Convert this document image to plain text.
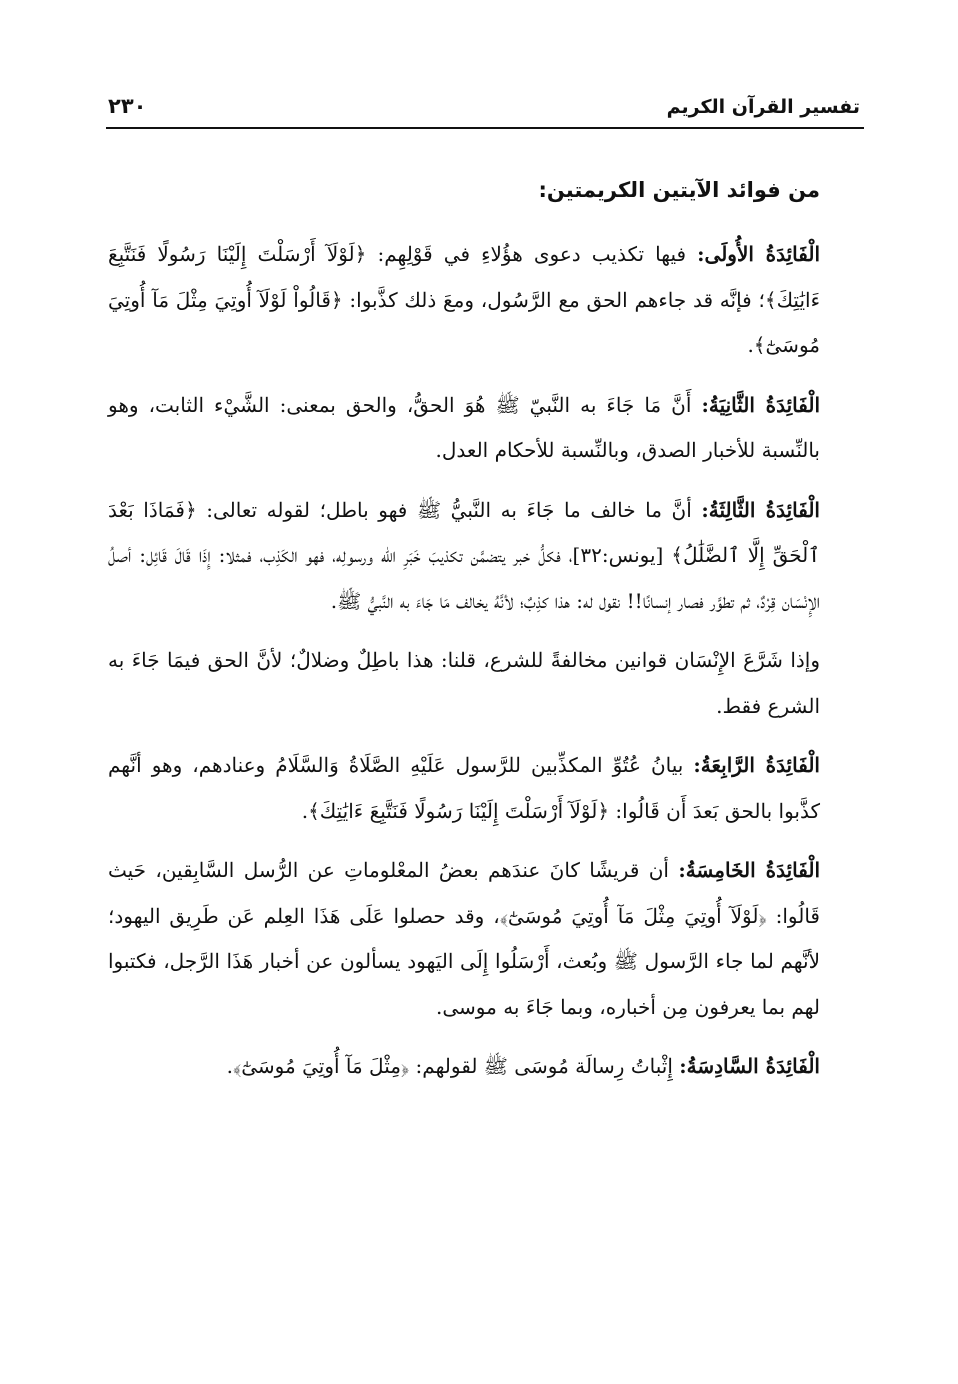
تفسير القرآن الكريم
٢٣٠
من فوائد الآيتين الكريمتين:

الْفَائِدَةُ الأُولَى: فيها تكذيب دعوى هؤُلاءِ في قَوْلِهِم: ﴿لَوْلَآ أَرْسَلْتَ إِلَيْنَا رَسُولًا فَنَتَّبِعَ ءَايَٰتِكَ﴾؛ فإنَّه قد جاءهم الحق مع الرَّسُول، ومعَ ذلك كذَّبوا: ﴿قَالُواْ لَوْلَآ أُوتِيَ مِثْلَ مَآ أُوتِيَ مُوسَىٰٓ﴾.

الْفَائِدَةُ الثَّانِيَةُ: أَنَّ مَا جَاءَ به النَّبيّ ﷺ هُوَ الحقُّ، والحق بمعنى: الشَّيْء الثابت، وهو بالنِّسبة للأخبار الصدق، وبالنِّسبة للأحكام العدل.

الْفَائِدَةُ الثَّالِثَةُ: أنَّ ما خالف ما جَاءَ به النَّبيُّ ﷺ فهو باطل؛ لقوله تعالى: ﴿فَمَاذَا بَعْدَ ٱلْحَقِّ إِلَّا ٱلضَّلَٰلُ﴾ [يونس:٣٢]، فكلُّ خبر يتضمَّن تكذيبَ خَبَرِ الله ورسولِه، فهو الكَذِب، فمثلا: إِذَا قَالَ قَائِل: أصلُ الإِنْسَان قِرْدٌ، ثم تطوَّر فصار إنسانًا!! نقول له: هذا كذِبٌ؛ لأنَّهُ يخالف مَا جَاءَ به النَّبيُّ ﷺ.

وإذا شَرَّعَ الإِنْسَان قوانين مخالفةً للشرع، قلنا: هذا باطِلٌ وضلالٌ؛ لأنَّ الحق فيمَا جَاءَ به الشرع فقط.

الْفَائِدَةُ الرَّابِعَةُ: بيانُ عُتُوِّ المكذِّبين للرَّسول عَلَيْهِ الصَّلَاةُ وَالسَّلَامُ وعنادهم، وهو أنَّهم كذَّبوا بالحق بَعدَ أَن قَالُوا: ﴿لَوْلَآ أَرْسَلْتَ إِلَيْنَا رَسُولًا فَنَتَّبِعَ ءَايَٰتِكَ﴾.

الْفَائِدَةُ الخَامِسَةُ: أن قريشًا كانَ عندَهم بعضُ المعْلوماتِ عن الرُّسل السَّابِقين، حَيث قَالُوا: ﴿لَوْلَآ أُوتِيَ مِثْلَ مَآ أُوتِيَ مُوسَىٰٓ﴾، وقد حصلوا عَلَى هَذَا العِلم عَن طَرِيق اليهود؛ لأنَّهم لما جاء الرَّسول ﷺ وبُعث، أَرْسَلُوا إِلَى اليَهود يسألون عن أخبار هَذَا الرَّجل، فكتبوا لهم بما يعرفون مِن أخباره، وبما جَاءَ به موسى.

الْفَائِدَةُ السَّادِسَةُ: إِثْباتُ رِسالَة مُوسَى ﷺ لقولهم: ﴿مِثْلَ مَآ أُوتِيَ مُوسَىٰٓ﴾.
